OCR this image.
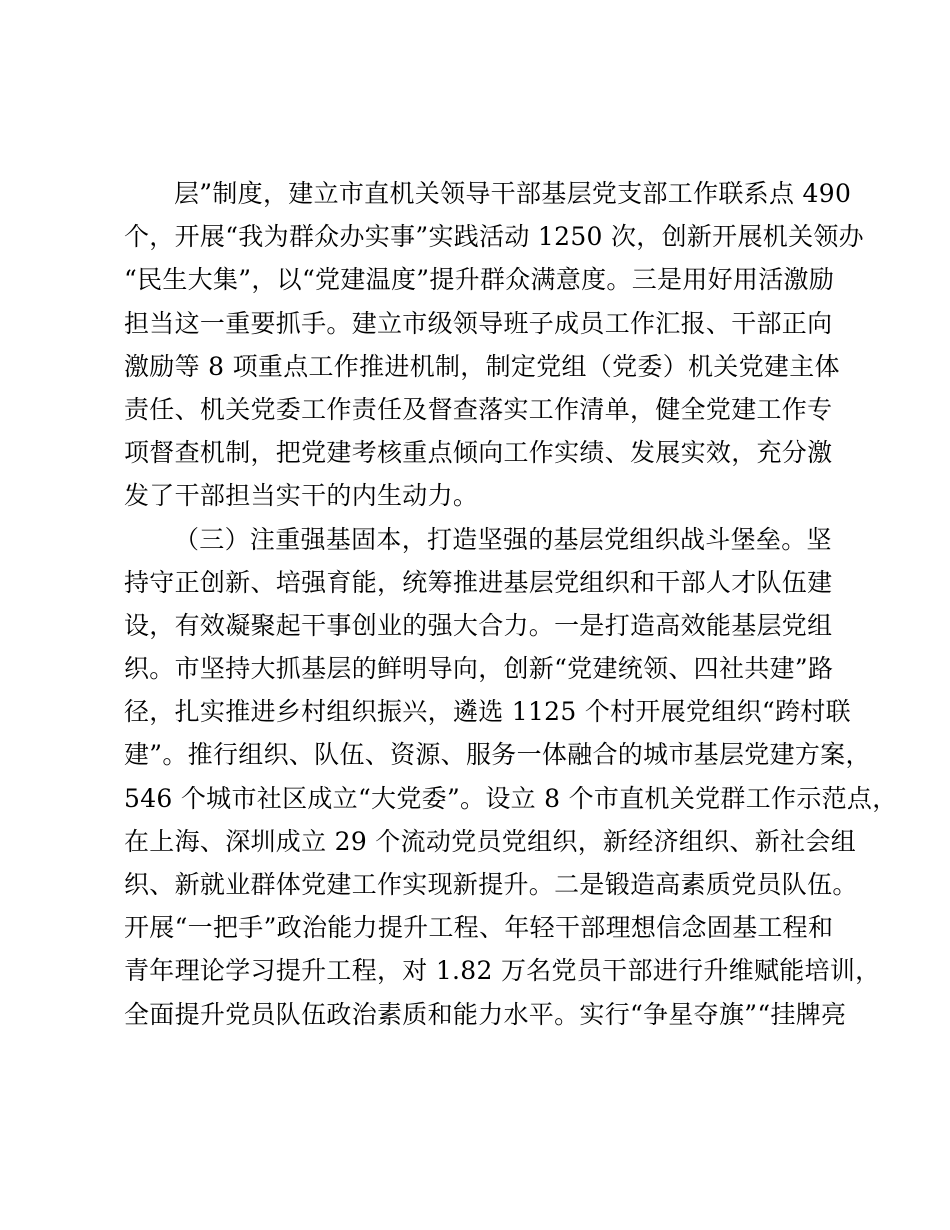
层”制度，建立市直机关领导干部基层党支部工作联系点 490
个，开展“我为群众办实事”实践活动 1250 次，创新开展机关领办
“民生大集”，以“党建温度”提升群众满意度。三是用好用活激励
担当这一重要抓手。建立市级领导班子成员工作汇报、干部正向
激励等 8 项重点工作推进机制，制定党组（党委）机关党建主体
责任、机关党委工作责任及督查落实工作清单，健全党建工作专
项督查机制，把党建考核重点倾向工作实绩、发展实效，充分激
发了干部担当实干的内生动力。
（三）注重强基固本，打造坚强的基层党组织战斗堡垒。坚
持守正创新、培强育能，统筹推进基层党组织和干部人才队伍建
设，有效凝聚起干事创业的强大合力。一是打造高效能基层党组
织。市坚持大抓基层的鲜明导向，创新“党建统领、四社共建”路
径，扎实推进乡村组织振兴，遴选 1125 个村开展党组织“跨村联
建”。推行组织、队伍、资源、服务一体融合的城市基层党建方案，
546 个城市社区成立“大党委”。设立 8 个市直机关党群工作示范点，
在上海、深圳成立 29 个流动党员党组织，新经济组织、新社会组
织、新就业群体党建工作实现新提升。二是锻造高素质党员队伍。
开展“一把手”政治能力提升工程、年轻干部理想信念固基工程和
青年理论学习提升工程，对 1.82 万名党员干部进行升维赋能培训，
全面提升党员队伍政治素质和能力水平。实行“争星夺旗”“挂牌亮
